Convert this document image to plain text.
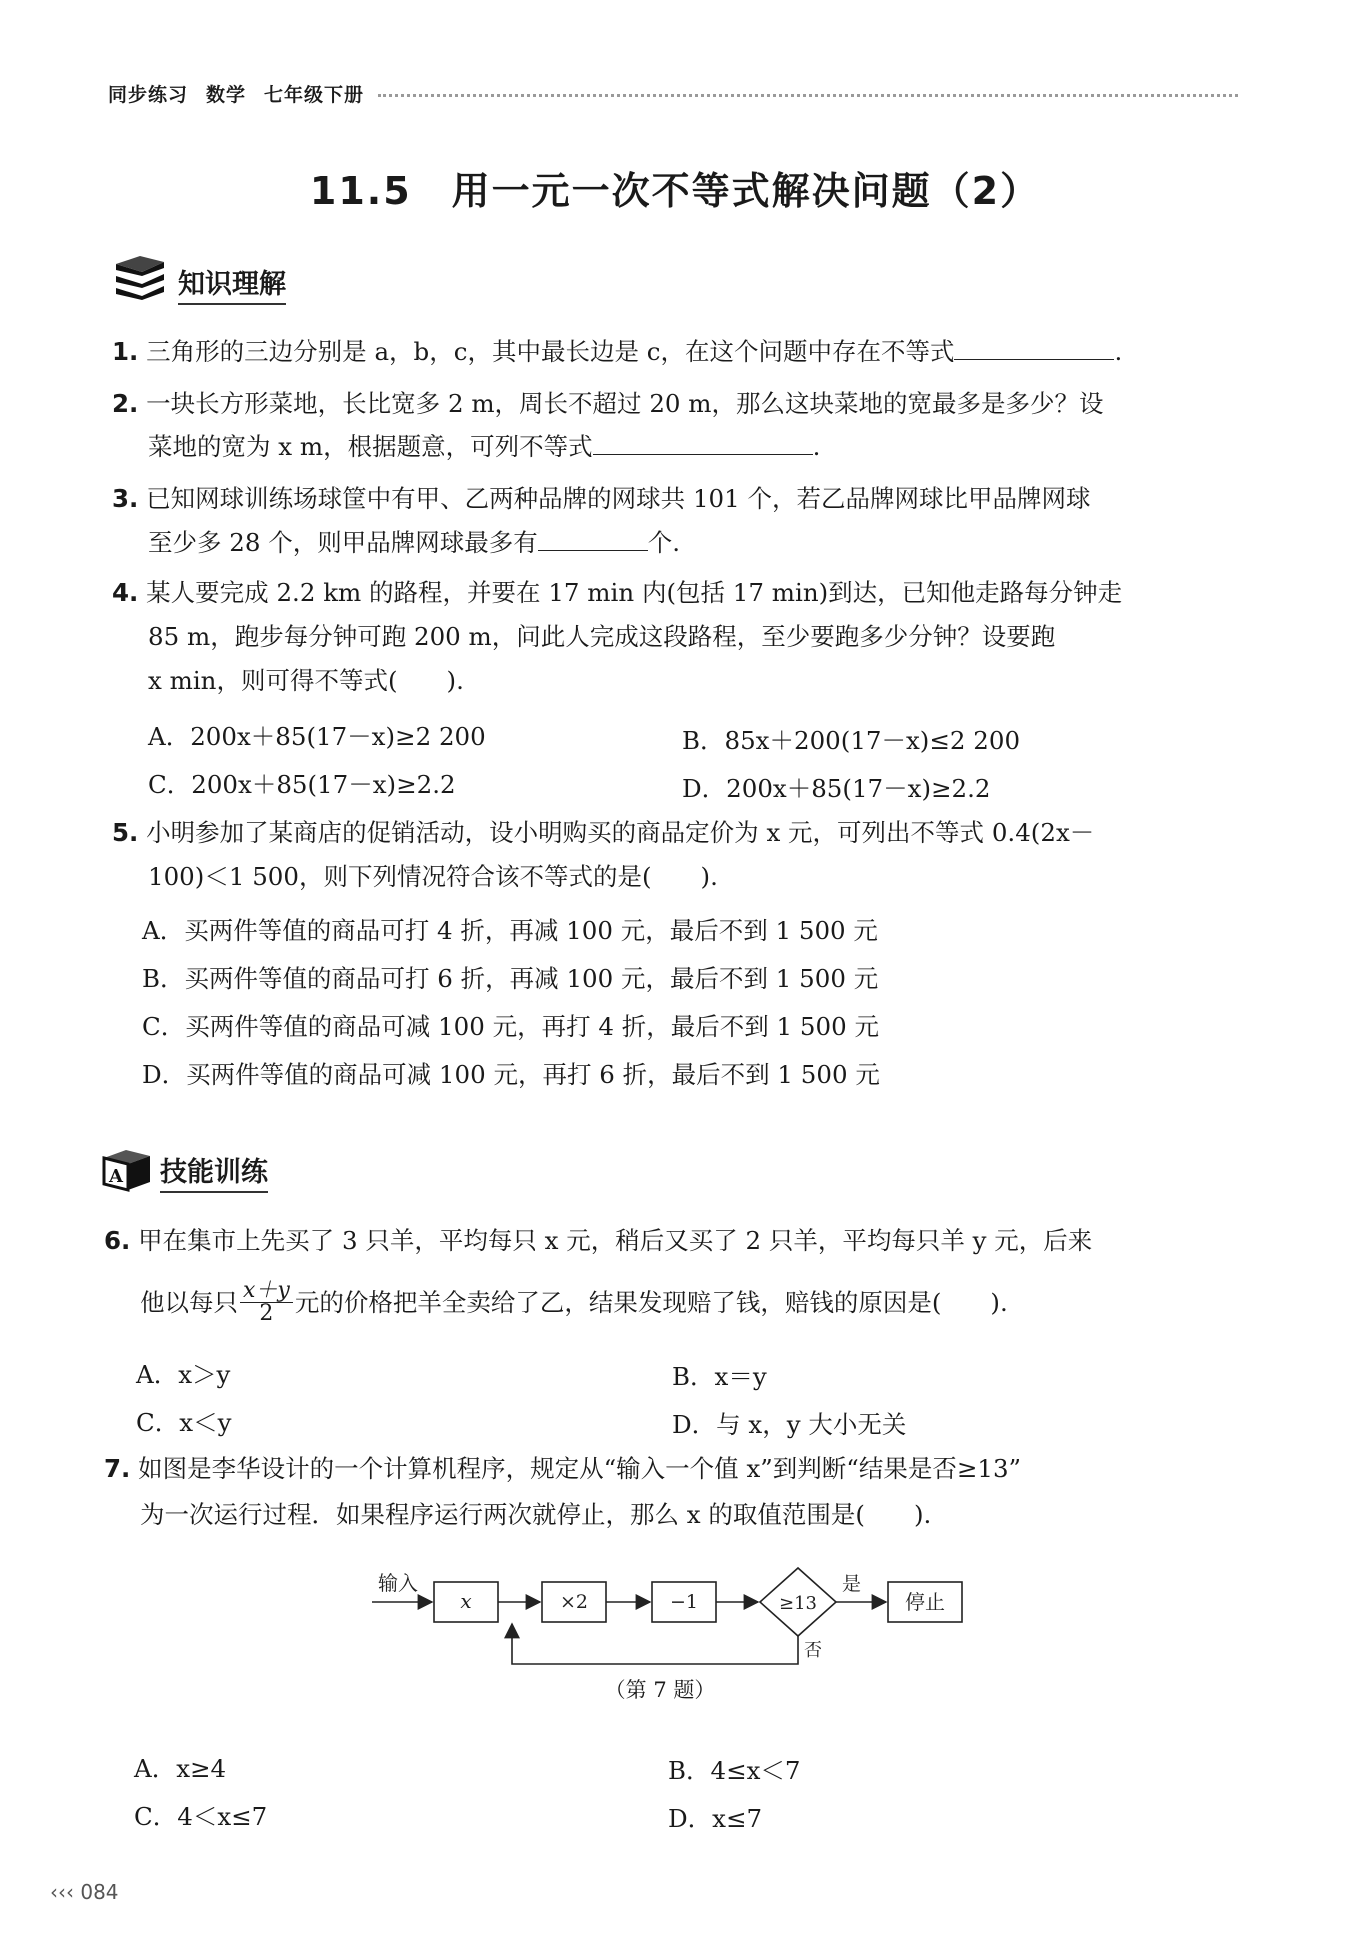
同步练习 数学 七年级下册
11.5　用一元一次不等式解决问题（2）
知识理解
1. 三角形的三边分别是 a，b，c，其中最长边是 c，在这个问题中存在不等式	.
2. 一块长方形菜地，长比宽多 2 m，周长不超过 20 m，那么这块菜地的宽最多是多少？设
菜地的宽为 x m，根据题意，可列不等式	.
3. 已知网球训练场球筐中有甲、乙两种品牌的网球共 101 个，若乙品牌网球比甲品牌网球
至少多 28 个，则甲品牌网球最多有	个.
4. 某人要完成 2.2 km 的路程，并要在 17 min 内(包括 17 min)到达，已知他走路每分钟走
85 m，跑步每分钟可跑 200 m，问此人完成这段路程，至少要跑多少分钟？设要跑
x min，则可得不等式(　　).
A．200x＋85(17－x)≥2 200	B．85x＋200(17－x)≤2 200
C．200x＋85(17－x)≥2.2	D．200x＋85(17－x)≥2.2
5. 小明参加了某商店的促销活动，设小明购买的商品定价为 x 元，可列出不等式 0.4(2x－
100)＜1 500，则下列情况符合该不等式的是(　　).
A．买两件等值的商品可打 4 折，再减 100 元，最后不到 1 500 元
B．买两件等值的商品可打 6 折，再减 100 元，最后不到 1 500 元
C．买两件等值的商品可减 100 元，再打 4 折，最后不到 1 500 元
D．买两件等值的商品可减 100 元，再打 6 折，最后不到 1 500 元
A 技能训练
6. 甲在集市上先买了 3 只羊，平均每只 x 元，稍后又买了 2 只羊，平均每只羊 y 元，后来
他以每只 $\frac{x+y}{2}$ 元的价格把羊全卖给了乙，结果发现赔了钱，赔钱的原因是(　　).
A．x＞y	B．x＝y
C．x＜y	D．与 x，y 大小无关
7. 如图是李华设计的一个计算机程序，规定从“输入一个值 x”到判断“结果是否≥13”
为一次运行过程．如果程序运行两次就停止，那么 x 的取值范围是(　　).
输入
x	×2	−1	≥13
是
停止
否
（第 7 题）
A．x≥4	B．4≤x＜7
C．4＜x≤7	D．x≤7
‹‹‹ 084
